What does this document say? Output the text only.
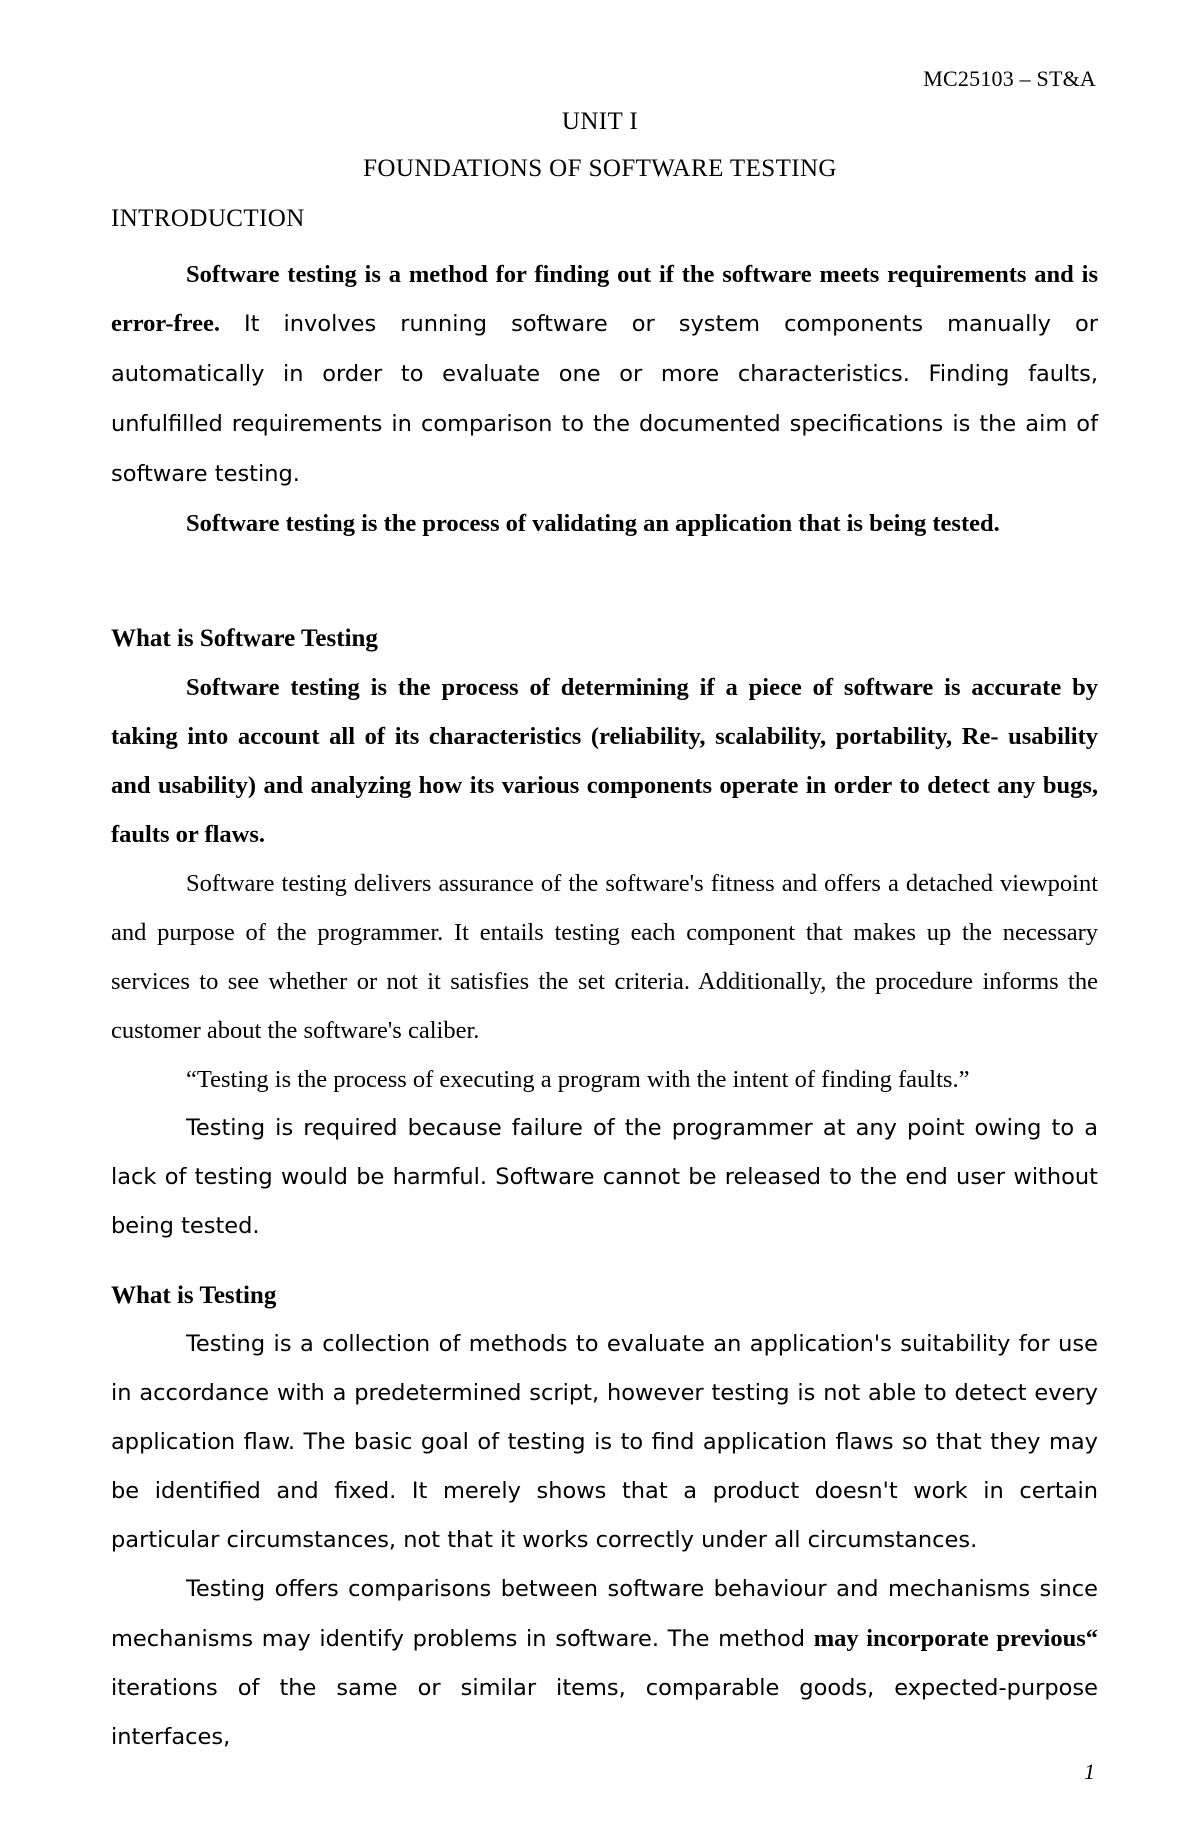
MC25103 – ST&A
UNIT I
FOUNDATIONS OF SOFTWARE TESTING
INTRODUCTION

Software testing is a method for finding out if the software meets requirements and is error-free. It involves running software or system components manually or automatically in order to evaluate one or more characteristics. Finding faults, unfulfilled requirements in comparison to the documented specifications is the aim of software testing.

Software testing is the process of validating an application that is being tested.

What is Software Testing

Software testing is the process of determining if a piece of software is accurate by taking into account all of its characteristics (reliability, scalability, portability, Re- usability and usability) and analyzing how its various components operate in order to detect any bugs, faults or flaws.

Software testing delivers assurance of the software's fitness and offers a detached viewpoint and purpose of the programmer. It entails testing each component that makes up the necessary services to see whether or not it satisfies the set criteria. Additionally, the procedure informs the customer about the software's caliber.

“Testing is the process of executing a program with the intent of finding faults.”

Testing is required because failure of the programmer at any point owing to a lack of testing would be harmful. Software cannot be released to the end user without being tested.

What is Testing

Testing is a collection of methods to evaluate an application's suitability for use in accordance with a predetermined script, however testing is not able to detect every application flaw. The basic goal of testing is to find application flaws so that they may be identified and fixed. It merely shows that a product doesn't work in certain particular circumstances, not that it works correctly under all circumstances.

Testing offers comparisons between software behaviour and mechanisms since mechanisms may identify problems in software. The method may incorporate previous“ iterations of the same or similar items, comparable goods, expected-purpose interfaces,

1
